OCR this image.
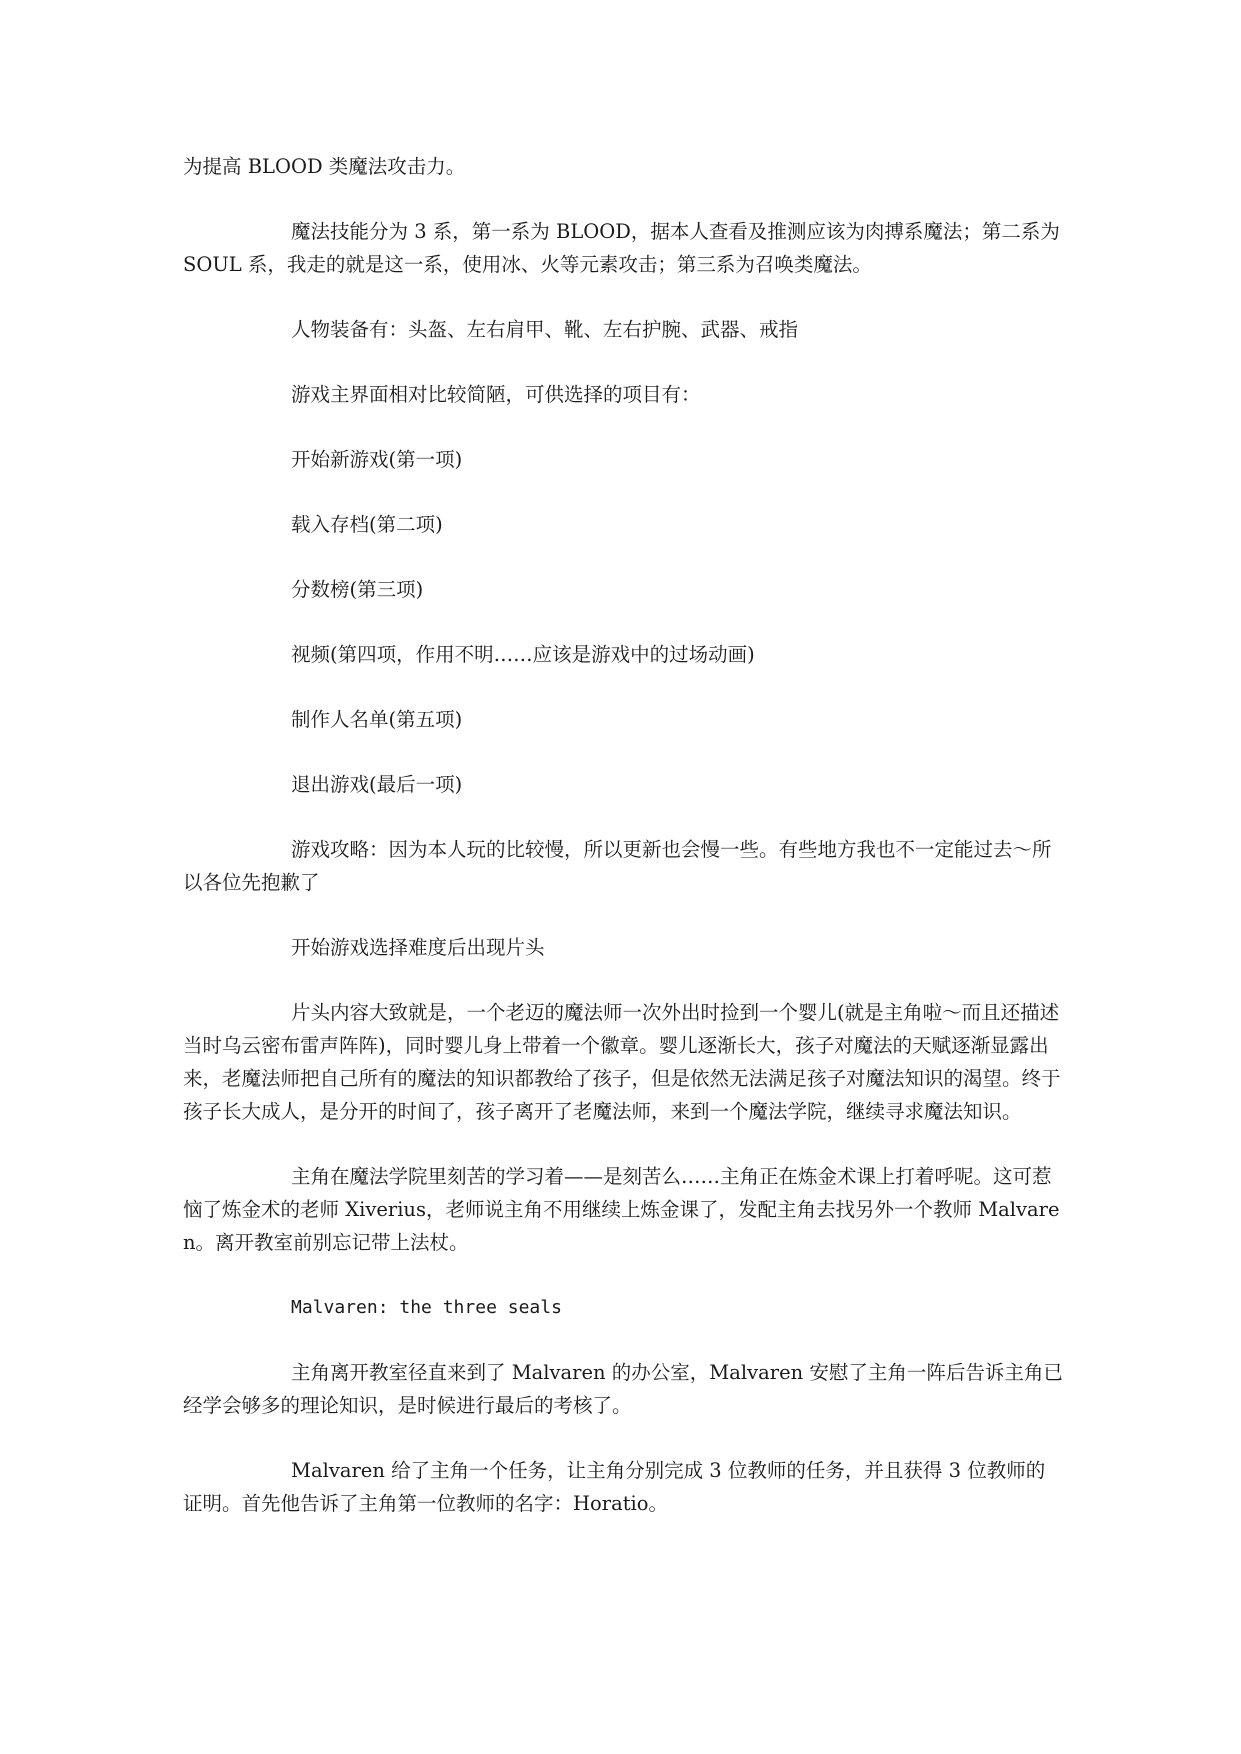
为提高 BLOOD 类魔法攻击力。

魔法技能分为 3 系，第一系为 BLOOD，据本人查看及推测应该为肉搏系魔法；第二系为 SOUL 系，我走的就是这一系，使用冰、火等元素攻击；第三系为召唤类魔法。

人物装备有：头盔、左右肩甲、靴、左右护腕、武器、戒指

游戏主界面相对比较简陋，可供选择的项目有：

开始新游戏(第一项)

载入存档(第二项)

分数榜(第三项)

视频(第四项，作用不明……应该是游戏中的过场动画)

制作人名单(第五项)

退出游戏(最后一项)

游戏攻略：因为本人玩的比较慢，所以更新也会慢一些。有些地方我也不一定能过去～所以各位先抱歉了

开始游戏选择难度后出现片头

片头内容大致就是，一个老迈的魔法师一次外出时捡到一个婴儿(就是主角啦～而且还描述当时乌云密布雷声阵阵)，同时婴儿身上带着一个徽章。婴儿逐渐长大，孩子对魔法的天赋逐渐显露出来，老魔法师把自己所有的魔法的知识都教给了孩子，但是依然无法满足孩子对魔法知识的渴望。终于孩子长大成人，是分开的时间了，孩子离开了老魔法师，来到一个魔法学院，继续寻求魔法知识。

主角在魔法学院里刻苦的学习着——是刻苦么……主角正在炼金术课上打着呼呢。这可惹恼了炼金术的老师 Xiverius，老师说主角不用继续上炼金课了，发配主角去找另外一个教师 Malvaren。离开教室前别忘记带上法杖。

Malvaren: the three seals

主角离开教室径直来到了 Malvaren 的办公室，Malvaren 安慰了主角一阵后告诉主角已经学会够多的理论知识，是时候进行最后的考核了。

Malvaren 给了主角一个任务，让主角分别完成 3 位教师的任务，并且获得 3 位教师的证明。首先他告诉了主角第一位教师的名字：Horatio。
